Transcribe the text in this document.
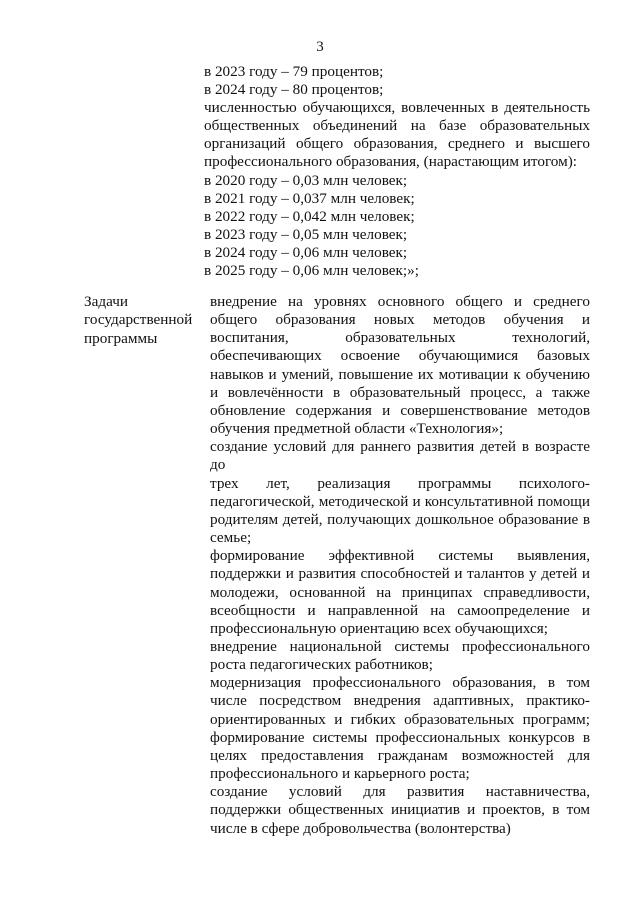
3
в 2023 году – 79 процентов;
в 2024 году – 80 процентов;
численностью обучающихся, вовлеченных в деятельность
общественных объединений на базе образовательных
организаций общего образования, среднего и высшего
профессионального образования, (нарастающим итогом):
в 2020 году – 0,03 млн человек;
в 2021 году – 0,037 млн человек;
в 2022 году – 0,042 млн человек;
в 2023 году – 0,05 млн человек;
в 2024 году – 0,06 млн человек;
в 2025 году – 0,06 млн человек;»;
Задачи
государственной
программы
внедрение на уровнях основного общего и среднего
общего образования новых методов обучения и
воспитания, образовательных технологий,
обеспечивающих освоение обучающимися базовых
навыков и умений, повышение их мотивации к обучению
и вовлечённости в образовательный процесс, а также
обновление содержания и совершенствование методов
обучения предметной области «Технология»;
создание условий для раннего развития детей в возрасте до
трех лет, реализация программы психолого-
педагогической, методической и консультативной помощи
родителям детей, получающих дошкольное образование в
семье;
формирование эффективной системы выявления,
поддержки и развития способностей и талантов у детей и
молодежи, основанной на принципах справедливости,
всеобщности и направленной на самоопределение и
профессиональную ориентацию всех обучающихся;
внедрение национальной системы профессионального
роста педагогических работников;
модернизация профессионального образования, в том
числе посредством внедрения адаптивных, практико-
ориентированных и гибких образовательных программ;
формирование системы профессиональных конкурсов в
целях предоставления гражданам возможностей для
профессионального и карьерного роста;
создание условий для развития наставничества,
поддержки общественных инициатив и проектов, в том
числе в сфере добровольчества (волонтерства)
